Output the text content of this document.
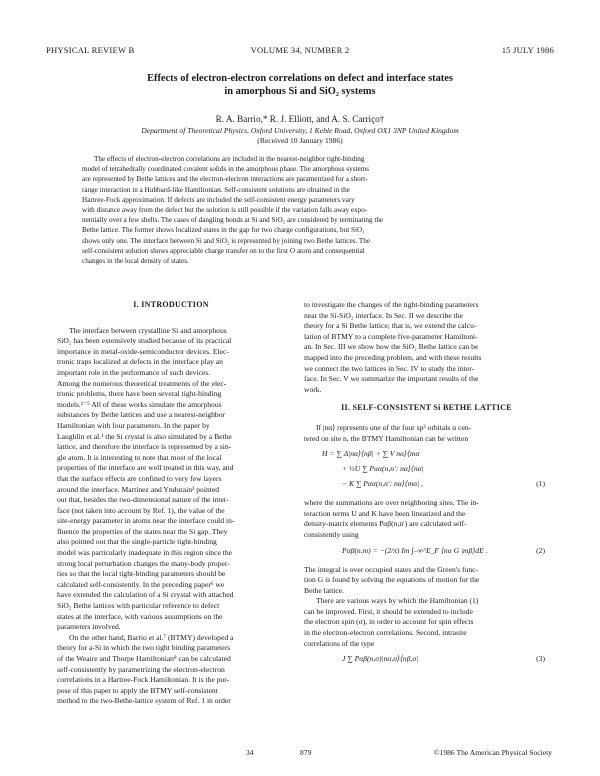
PHYSICAL REVIEW B	VOLUME 34, NUMBER 2	15 JULY 1986
Effects of electron-electron correlations on defect and interface states
in amorphous Si and SiO₂ systems
R. A. Barrio,* R. J. Elliott, and A. S. Carriço†
Department of Theoretical Physics, Oxford University, 1 Keble Road, Oxford OX1 3NP United Kingdom
(Received 10 January 1986)
The effects of electron-electron correlations are included in the nearest-neighbor tight-binding
model of tetrahedrally coordinated covalent solids in the amorphous phase. The amorphous systems
are represented by Bethe lattices and the electron-electron interactions are parametrized for a short-
range interaction in a Hubbard-like Hamiltonian. Self-consistent solutions are obtained in the
Hartree-Fock approximation. If defects are included the self-consistent energy parameters vary
with distance away from the defect but the solution is still possible if the variation falls away expo-
nentially over a few shells. The cases of dangling bonds at Si and SiO₂ are considered by terminating the
Bethe lattice. The former shows localized states in the gap for two charge configurations, but SiO₂
shows only one. The interface between Si and SiO₂ is represented by joining two Bethe lattices. The
self-consistent solution shows appreciable charge transfer on to the first O atom and consequential
changes in the local density of states.
I. INTRODUCTION
The interface between crystalline Si and amorphous
SiO₂ has been extensively studied because of its practical
importance in metal-oxide-semiconductor devices. Elec-
tronic traps localized at defects in the interface play an
important role in the performance of such devices.
Among the numerous theoretical treatments of the elec-
tronic problems, there have been several tight-binding
models.¹⁻⁵ All of these works simulate the amorphous
substances by Bethe lattices and use a nearest-neighbor
Hamiltonian with four parameters. In the paper by
Laughlin et al.¹ the Si crystal is also simulated by a Bethe
lattice, and therefore the interface is represented by a sin-
gle atom. It is interesting to note that most of the local
properties of the interface are well treated in this way, and
that the surface effects are confined to very few layers
around the interface. Martinez and Yndurain² pointed
out that, besides the two-dimensional nature of the inter-
face (not taken into account by Ref. 1), the value of the
site-energy parameter in atoms near the interface could in-
fluence the properties of the states near the Si gap. They
also pointed out that the single-particle tight-binding
model was particularly inadequate in this region since the
strong local perturbation changes the many-body proper-
ties so that the local tight-binding parameters should be
calculated self-consistently. In the preceding paper⁶ we
have extended the calculation of a Si crystal with attached
SiO₂ Bethe lattices with particular reference to defect
states at the interface, with various assumptions on the
parameters involved.
On the other hand, Barrio et al.⁷ (BTMY) developed a
theory for a-Si in which the two tight binding parameters
of the Weaire and Thorpe Hamiltonian⁸ can be calculated
self-consistently by parametrizing the electron-electron
correlations in a Hartree-Fock Hamiltonian. It is the pur-
pose of this paper to apply the BTMY self-consistent
method to the two-Bethe-lattice system of Ref. 1 in order
to investigate the changes of the tight-binding parameters
near the Si-SiO₂ interface. In Sec. II we describe the
theory for a Si Bethe lattice; that is, we extend the calcu-
lation of BTMY to a complete five-parameter Hamiltoni-
an. In Sec. III we show how the SiO₂ Bethe lattice can be
mapped into the preceding problem, and with these results
we connect the two lattices in Sec. IV to study the inter-
face. In Sec. V we summarize the important results of the
work.
II. SELF-CONSISTENT Si BETHE LATTICE
If |nα⟩ represents one of the four sp³ orbitals α cen-
tered on site n, the BTMY Hamiltonian can be written
H = ∑ Δ|nα⟩⟨nβ| + ∑ V nα⟩⟨mα
+ ½U ∑ Pαα(n,n′: nα⟩⟨nα|
− K ∑ Pαα(n,n′: nα⟩⟨mα| ,	(1)
where the summations are over neighboring sites. The in-
teraction terms U and K have been linearized and the
density-matrix elements Pαβ(n,n′) are calculated self-
consistently using
Pαβ(n,m) = −(2/π) Im ∫₋∞^E_F ⟨nα G |mβ⟩dE .	(2)
The integral is over occupied states and the Green's func-
tion G is found by solving the equations of motion for the
Bethe lattice.
There are various ways by which the Hamiltonian (1)
can be improved. First, it should be extended to include
the electron spin (σ), in order to account for spin effects
in the electron-electron correlations. Second, intrasite
correlations of the type
J ∑ Pαβ(n,σ)|nα,σ⟩⟨nβ,σ|	(3)
34	879	©1986 The American Physical Society
